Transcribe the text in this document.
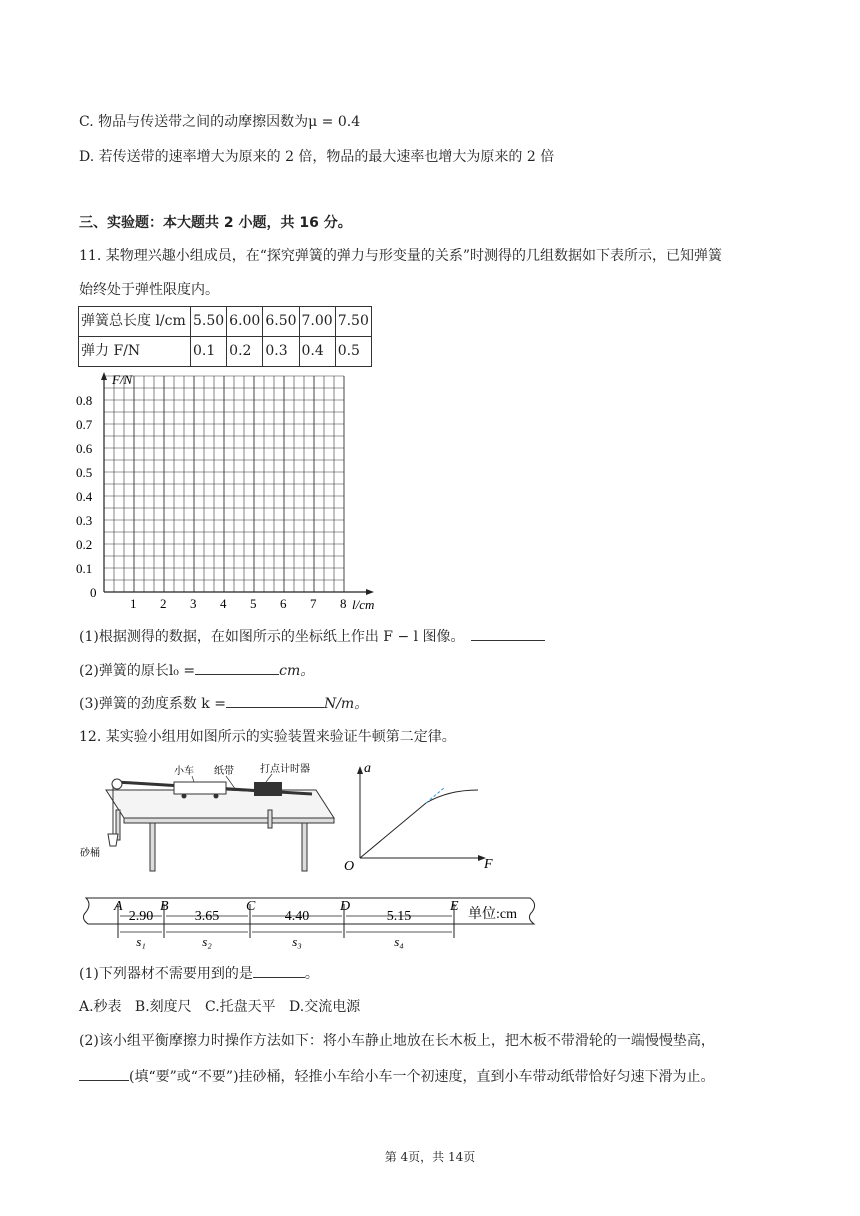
C. 物品与传送带之间的动摩擦因数为μ = 0.4
D. 若传送带的速率增大为原来的 2 倍，物品的最大速率也增大为原来的 2 倍
三、实验题：本大题共 2 小题，共 16 分。
11. 某物理兴趣小组成员，在“探究弹簧的弹力与形变量的关系”时测得的几组数据如下表所示，已知弹簧
始终处于弹性限度内。
弹簧总长度 l/cm	5.50	6.00	6.50	7.00	7.50
弹力 F/N	0.1	0.2	0.3	0.4	0.5
F/N
l/cm
0
0.1
0.2
0.3
0.4
0.5
0.6
0.7
0.8
1 2 3 4 5 6 7 8
(1)根据测得的数据，在如图所示的坐标纸上作出 F − l 图像。
(2)弹簧的原长l₀ =	cm。
(3)弹簧的劲度系数 k =	N/m。
12. 某实验小组用如图所示的实验装置来验证牛顿第二定律。
小车 纸带	打点计时器
砂桶
a
F
O
A	B	C	D	E
2.90
s₁
3.65
s₂
4.40
s₃
5.15
s₄
单位:cm
(1)下列器材不需要用到的是	。
A.秒表   B.刻度尺   C.托盘天平   D.交流电源
(2)该小组平衡摩擦力时操作方法如下：将小车静止地放在长木板上，把木板不带滑轮的一端慢慢垫高，
(填“要”或“不要”)挂砂桶，轻推小车给小车一个初速度，直到小车带动纸带恰好匀速下滑为止。
第 4页，共 14页
